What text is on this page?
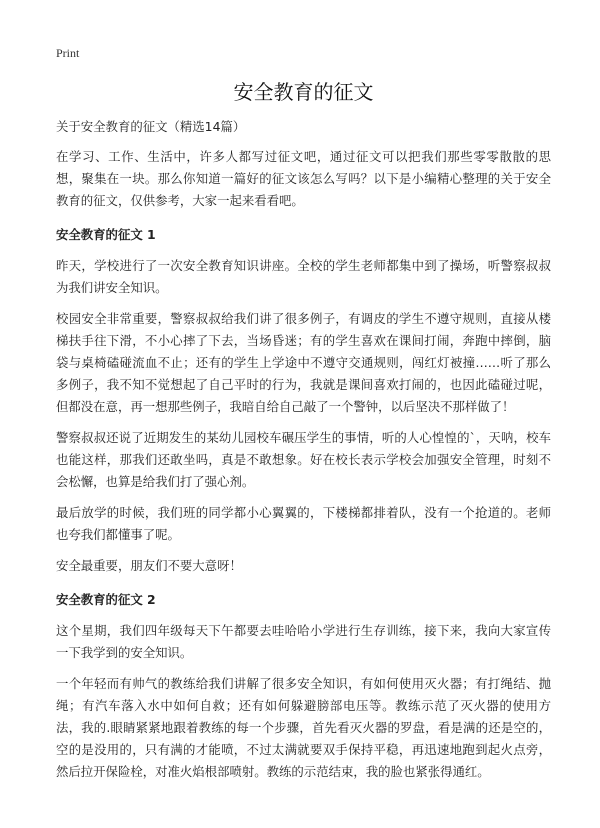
Print
安全教育的征文
关于安全教育的征文（精选14篇）

在学习、工作、生活中，许多人都写过征文吧，通过征文可以把我们那些零零散散的思想，聚集在一块。那么你知道一篇好的征文该怎么写吗？以下是小编精心整理的关于安全教育的征文，仅供参考，大家一起来看看吧。

安全教育的征文 1

昨天，学校进行了一次安全教育知识讲座。全校的学生老师都集中到了操场，听警察叔叔为我们讲安全知识。

校园安全非常重要，警察叔叔给我们讲了很多例子，有调皮的学生不遵守规则，直接从楼梯扶手往下滑，不小心摔了下去，当场昏迷；有的学生喜欢在课间打闹，奔跑中摔倒，脑袋与桌椅磕碰流血不止；还有的学生上学途中不遵守交通规则，闯红灯被撞……听了那么多例子，我不知不觉想起了自己平时的行为，我就是课间喜欢打闹的，也因此磕碰过呢，但都没在意，再一想那些例子，我暗自给自己敲了一个警钟，以后坚决不那样做了！

警察叔叔还说了近期发生的某幼儿园校车碾压学生的事情，听的人心惶惶的`，天呐，校车也能这样，那我们还敢坐吗，真是不敢想象。好在校长表示学校会加强安全管理，时刻不会松懈，也算是给我们打了强心剂。

最后放学的时候，我们班的同学都小心翼翼的，下楼梯都排着队，没有一个抢道的。老师也夸我们都懂事了呢。

安全最重要，朋友们不要大意呀！

安全教育的征文 2

这个星期，我们四年级每天下午都要去哇哈哈小学进行生存训练，接下来，我向大家宣传一下我学到的安全知识。

一个年轻而有帅气的教练给我们讲解了很多安全知识，有如何使用灭火器；有打绳结、抛绳；有汽车落入水中如何自救；还有如何躲避膀部电压等。教练示范了灭火器的使用方法，我的.眼睛紧紧地跟着教练的每一个步骤，首先看灭火器的罗盘，看是满的还是空的，空的是没用的，只有满的才能喷，不过太满就要双手保持平稳，再迅速地跑到起火点旁，然后拉开保险栓，对准火焰根部喷射。教练的示范结束，我的脸也紧张得通红。
